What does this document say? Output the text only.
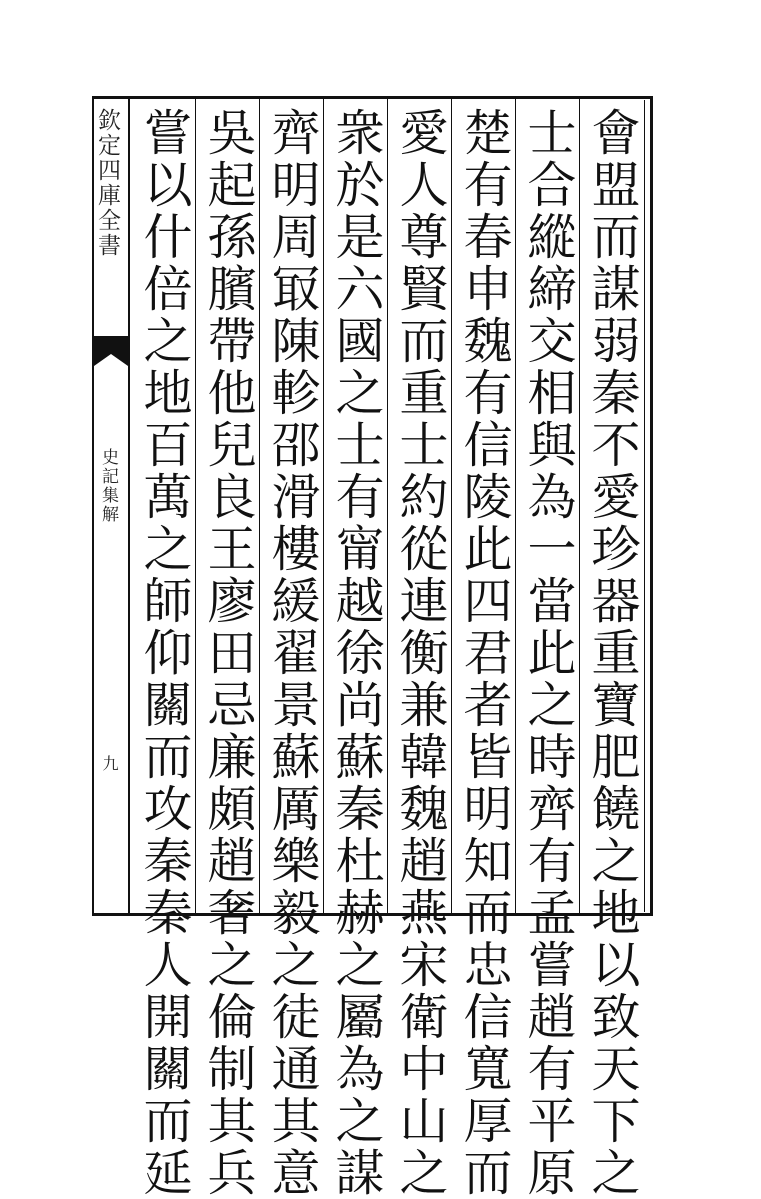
欽定四庫全書
史記集解
九	會盟而謀弱秦不愛珍器重寶肥饒之地以致天下之
士合縱締交相與為一當此之時齊有孟嘗趙有平原
楚有春申魏有信陵此四君者皆明知而忠信寬厚而
愛人尊賢而重士約從連衡兼韓魏趙燕宋衛中山之
衆於是六國之士有甯越徐尚蘇秦杜赫之屬為之謀
齊明周冣陳軫邵滑樓緩翟景蘇厲樂毅之徒通其意
吳起孫臏帶他兒良王廖田忌廉頗趙奢之倫制其兵
嘗以什倍之地百萬之師仰關而攻秦秦人開關而延
